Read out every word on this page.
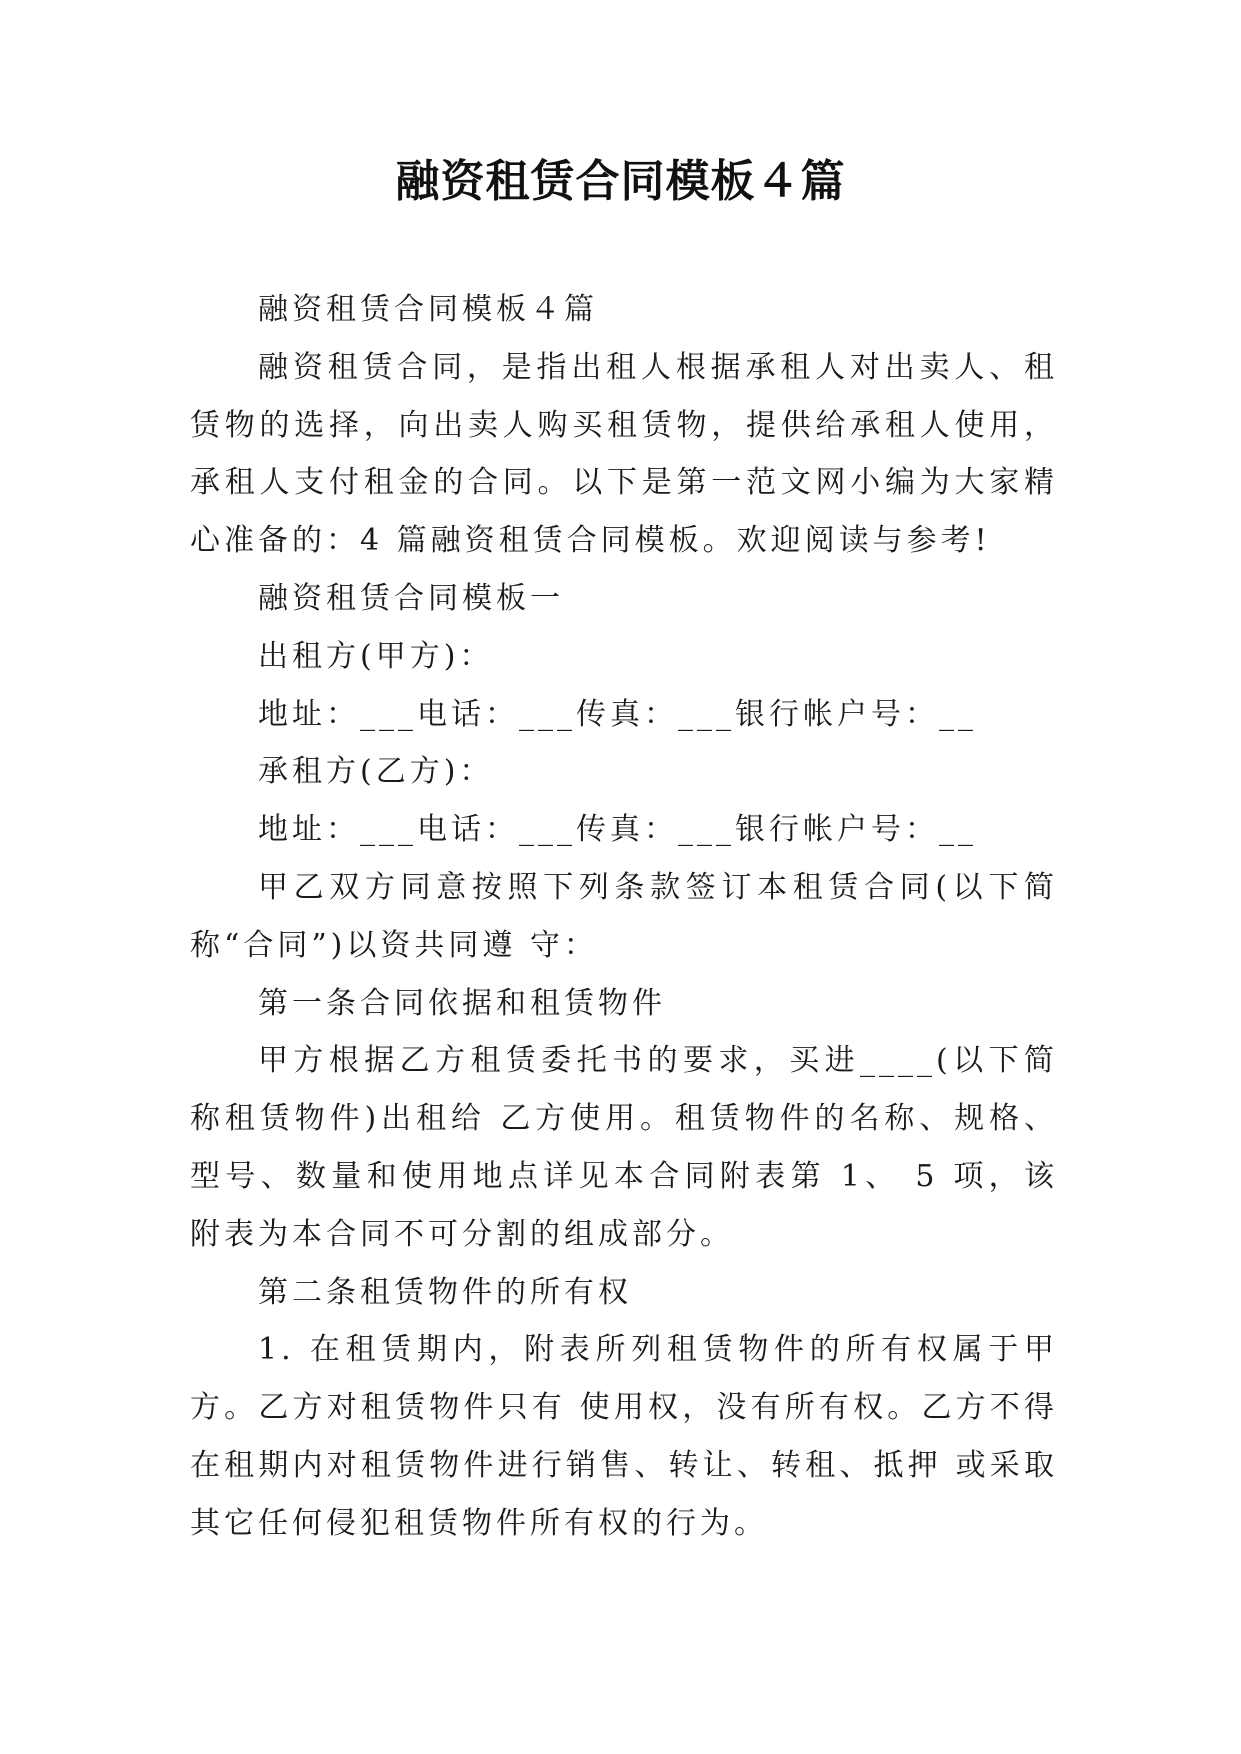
融资租赁合同模板４篇

融资租赁合同模板４篇

融资租赁合同，是指出租人根据承租人对出卖人、租赁物的选择，向出卖人购买租赁物，提供给承租人使用，承租人支付租金的合同。以下是第一范文网小编为大家精心准备的：4 篇融资租赁合同模板。欢迎阅读与参考!

融资租赁合同模板一

出租方(甲方)：

地址：___电话：___传真：___银行帐户号：__

承租方(乙方)：

地址：___电话：___传真：___银行帐户号：__

甲乙双方同意按照下列条款签订本租赁合同(以下简称“合同”)以资共同遵 守：

第一条合同依据和租赁物件

甲方根据乙方租赁委托书的要求，买进____(以下简称租赁物件)出租给 乙方使用。租赁物件的名称、规格、型号、数量和使用地点详见本合同附表第 1、 5 项，该附表为本合同不可分割的组成部分。

第二条租赁物件的所有权

1. 在租赁期内，附表所列租赁物件的所有权属于甲方。乙方对租赁物件只有 使用权，没有所有权。乙方不得在租期内对租赁物件进行销售、转让、转租、抵押 或采取其它任何侵犯租赁物件所有权的行为。
